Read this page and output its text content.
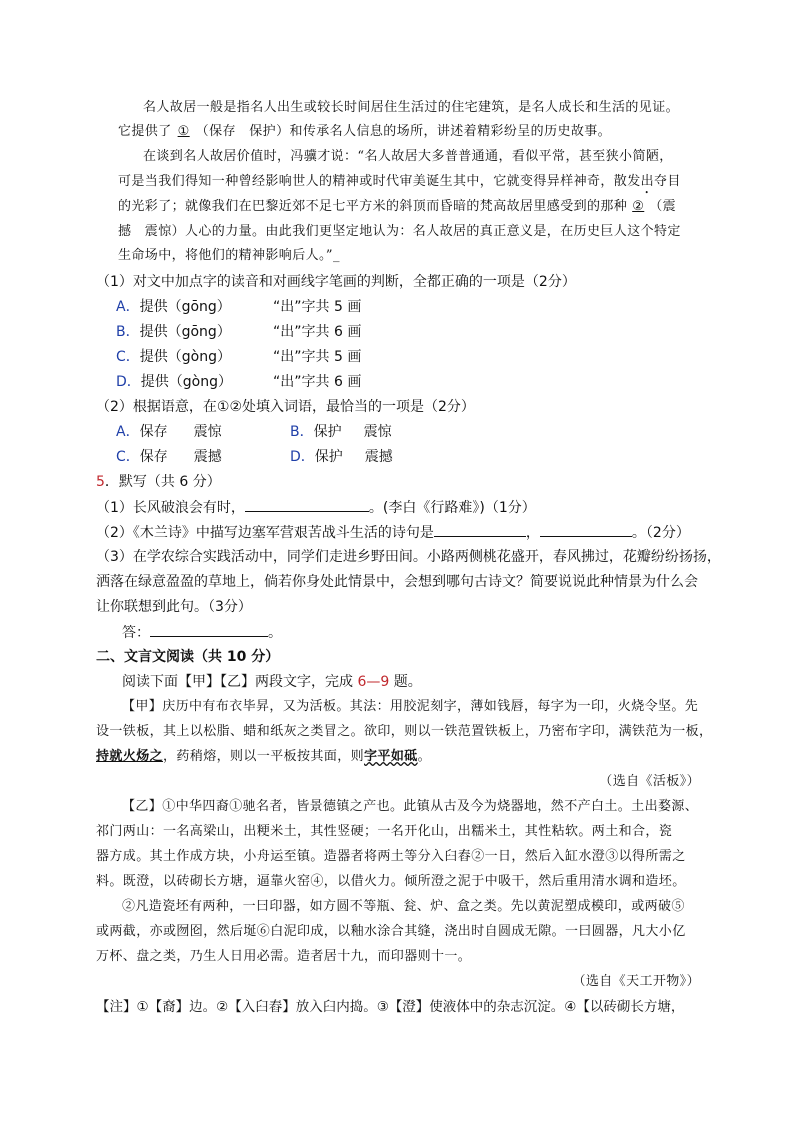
名人故居一般是指名人出生或较长时间居住生活过的住宅建筑，是名人成长和生活的见证。
它提供了 ① （保存　保护）和传承名人信息的场所，讲述着精彩纷呈的历史故事。
在谈到名人故居价值时，冯骥才说：“名人故居大多普普通通，看似平常，甚至狭小简陋，
可是当我们得知一种曾经影响世人的精神或时代审美诞生其中，它就变得异样神奇，散发出夺目
的光彩了；就像我们在巴黎近郊不足七平方米的斜顶而昏暗的梵高故居里感受到的那种 ② （震
撼　震惊）人心的力量。由此我们更坚定地认为：名人故居的真正意义是，在历史巨人这个特定
生命场中，将他们的精神影响后人。”_
（1）对文中加点字的读音和对画线字笔画的判断，全都正确的一项是（2分）
A．提供（gōng）	“出”字共 5 画
B．提供（gōng）	“出”字共 6 画
C．提供（gòng）	“出”字共 5 画
D．提供（gòng）	“出”字共 6 画
（2）根据语意，在①②处填入词语，最恰当的一项是（2分）
A．保存 震惊	B．保护 震惊
C．保存 震撼	D．保护 震撼
5．默写（共 6 分）
（1）长风破浪会有时，	。(李白《行路难》)（1分）
（2）《木兰诗》中描写边塞军营艰苦战斗生活的诗句是	，	。（2分）
（3）在学农综合实践活动中，同学们走进乡野田间。小路两侧桃花盛开，春风拂过，花瓣纷纷扬扬，
洒落在绿意盈盈的草地上，倘若你身处此情景中，会想到哪句古诗文？简要说说此种情景为什么会
让你联想到此句。（3分）
答：	。
二、文言文阅读（共 10 分）
阅读下面【甲】【乙】两段文字，完成 6—9 题。
【甲】庆历中有布衣毕昇，又为活板。其法：用胶泥刻字，薄如钱唇，每字为一印，火烧令坚。先
设一铁板，其上以松脂、蜡和纸灰之类冒之。欲印，则以一铁范置铁板上，乃密布字印，满铁范为一板，
持就火炀之，药稍熔，则以一平板按其面，则字平如砥。
（选自《活板》）
【乙】①中华四裔①驰名者，皆景德镇之产也。此镇从古及今为烧器地，然不产白土。土出婺源、
祁门两山：一名高梁山，出粳米土，其性竖硬；一名开化山，出糯米土，其性粘软。两土和合，瓷
器方成。其土作成方块，小舟运至镇。造器者将两土等分入臼舂②一日，然后入缸水澄③以得所需之
料。既澄，以砖砌长方塘，逼靠火窑④，以借火力。倾所澄之泥于中吸干，然后重用清水调和造坯。
②凡造瓷坯有两种，一曰印器，如方圆不等瓶、瓮、炉、盒之类。先以黄泥塑成模印，或两破⑤
或两截，亦或囫囵，然后埏⑥白泥印成，以釉水涂合其缝，浇出时自圆成无隙。一曰圆器，凡大小亿
万杯、盘之类，乃生人日用必需。造者居十九，而印器则十一。
（选自《天工开物》）
【注】①【裔】边。②【入臼舂】放入臼内捣。③【澄】使液体中的杂志沉淀。④【以砖砌长方塘，
